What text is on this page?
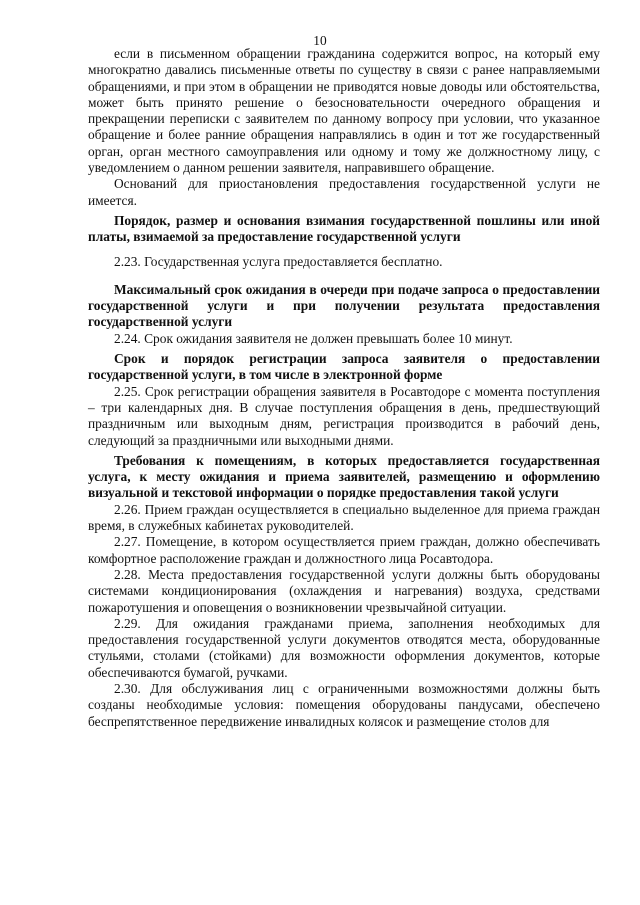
10

если в письменном обращении гражданина содержится вопрос, на который ему многократно давались письменные ответы по существу в связи с ранее направляемыми обращениями, и при этом в обращении не приводятся новые доводы или обстоятельства, может быть принято решение о безосновательности очередного обращения и прекращении переписки с заявителем по данному вопросу при условии, что указанное обращение и более ранние обращения направлялись в один и тот же государственный орган, орган местного самоуправления или одному и тому же должностному лицу, с уведомлением о данном решении заявителя, направившего обращение.

Оснований для приостановления предоставления государственной услуги не имеется.

Порядок, размер и основания взимания государственной пошлины или иной платы, взимаемой за предоставление государственной услуги

2.23. Государственная услуга предоставляется бесплатно.

Максимальный срок ожидания в очереди при подаче запроса о предоставлении государственной услуги и при получении результата предоставления государственной услуги

2.24. Срок ожидания заявителя не должен превышать более 10 минут.

Срок и порядок регистрации запроса заявителя о предоставлении государственной услуги, в том числе в электронной форме

2.25. Срок регистрации обращения заявителя в Росавтодоре с момента поступления – три календарных дня. В случае поступления обращения в день, предшествующий праздничным или выходным дням, регистрация производится в рабочий день, следующий за праздничными или выходными днями.

Требования к помещениям, в которых предоставляется государственная услуга, к месту ожидания и приема заявителей, размещению и оформлению визуальной и текстовой информации о порядке предоставления такой услуги

2.26. Прием граждан осуществляется в специально выделенное для приема граждан время, в служебных кабинетах руководителей.

2.27. Помещение, в котором осуществляется прием граждан, должно обеспечивать комфортное расположение граждан и должностного лица Росавтодора.

2.28. Места предоставления государственной услуги должны быть оборудованы системами кондиционирования (охлаждения и нагревания) воздуха, средствами пожаротушения и оповещения о возникновении чрезвычайной ситуации.

2.29. Для ожидания гражданами приема, заполнения необходимых для предоставления государственной услуги документов отводятся места, оборудованные стульями, столами (стойками) для возможности оформления документов, которые обеспечиваются бумагой, ручками.

2.30. Для обслуживания лиц с ограниченными возможностями должны быть созданы необходимые условия: помещения оборудованы пандусами, обеспечено беспрепятственное передвижение инвалидных колясок и размещение столов для
